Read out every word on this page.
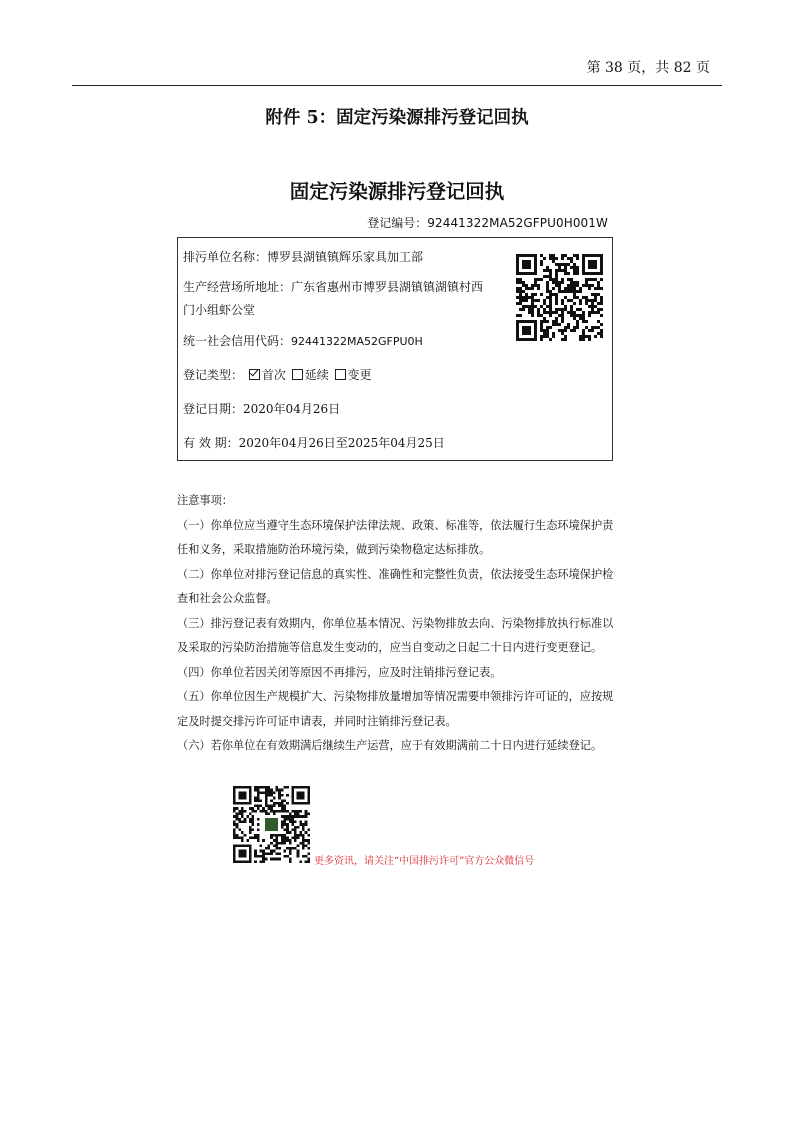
第 38 页，共 82 页
附件 5：固定污染源排污登记回执
固定污染源排污登记回执
登记编号：92441322MA52GFPU0H001W
排污单位名称：博罗县湖镇镇辉乐家具加工部
生产经营场所地址：广东省惠州市博罗县湖镇镇湖镇村西
门小组虾公堂
统一社会信用代码：92441322MA52GFPU0H
登记类型： 首次 延续 变更
登记日期：2020年04月26日
有 效 期：2020年04月26日至2025年04月25日

注意事项：

（一）你单位应当遵守生态环境保护法律法规、政策、标准等，依法履行生态环境保护责

任和义务，采取措施防治环境污染，做到污染物稳定达标排放。

（二）你单位对排污登记信息的真实性、准确性和完整性负责，依法接受生态环境保护检

查和社会公众监督。

（三）排污登记表有效期内，你单位基本情况、污染物排放去向、污染物排放执行标准以

及采取的污染防治措施等信息发生变动的，应当自变动之日起二十日内进行变更登记。

（四）你单位若因关闭等原因不再排污，应及时注销排污登记表。

（五）你单位因生产规模扩大、污染物排放量增加等情况需要申领排污许可证的，应按规

定及时提交排污许可证申请表，并同时注销排污登记表。

（六）若你单位在有效期满后继续生产运营，应于有效期满前二十日内进行延续登记。

更多资讯，请关注“中国排污许可”官方公众微信号
